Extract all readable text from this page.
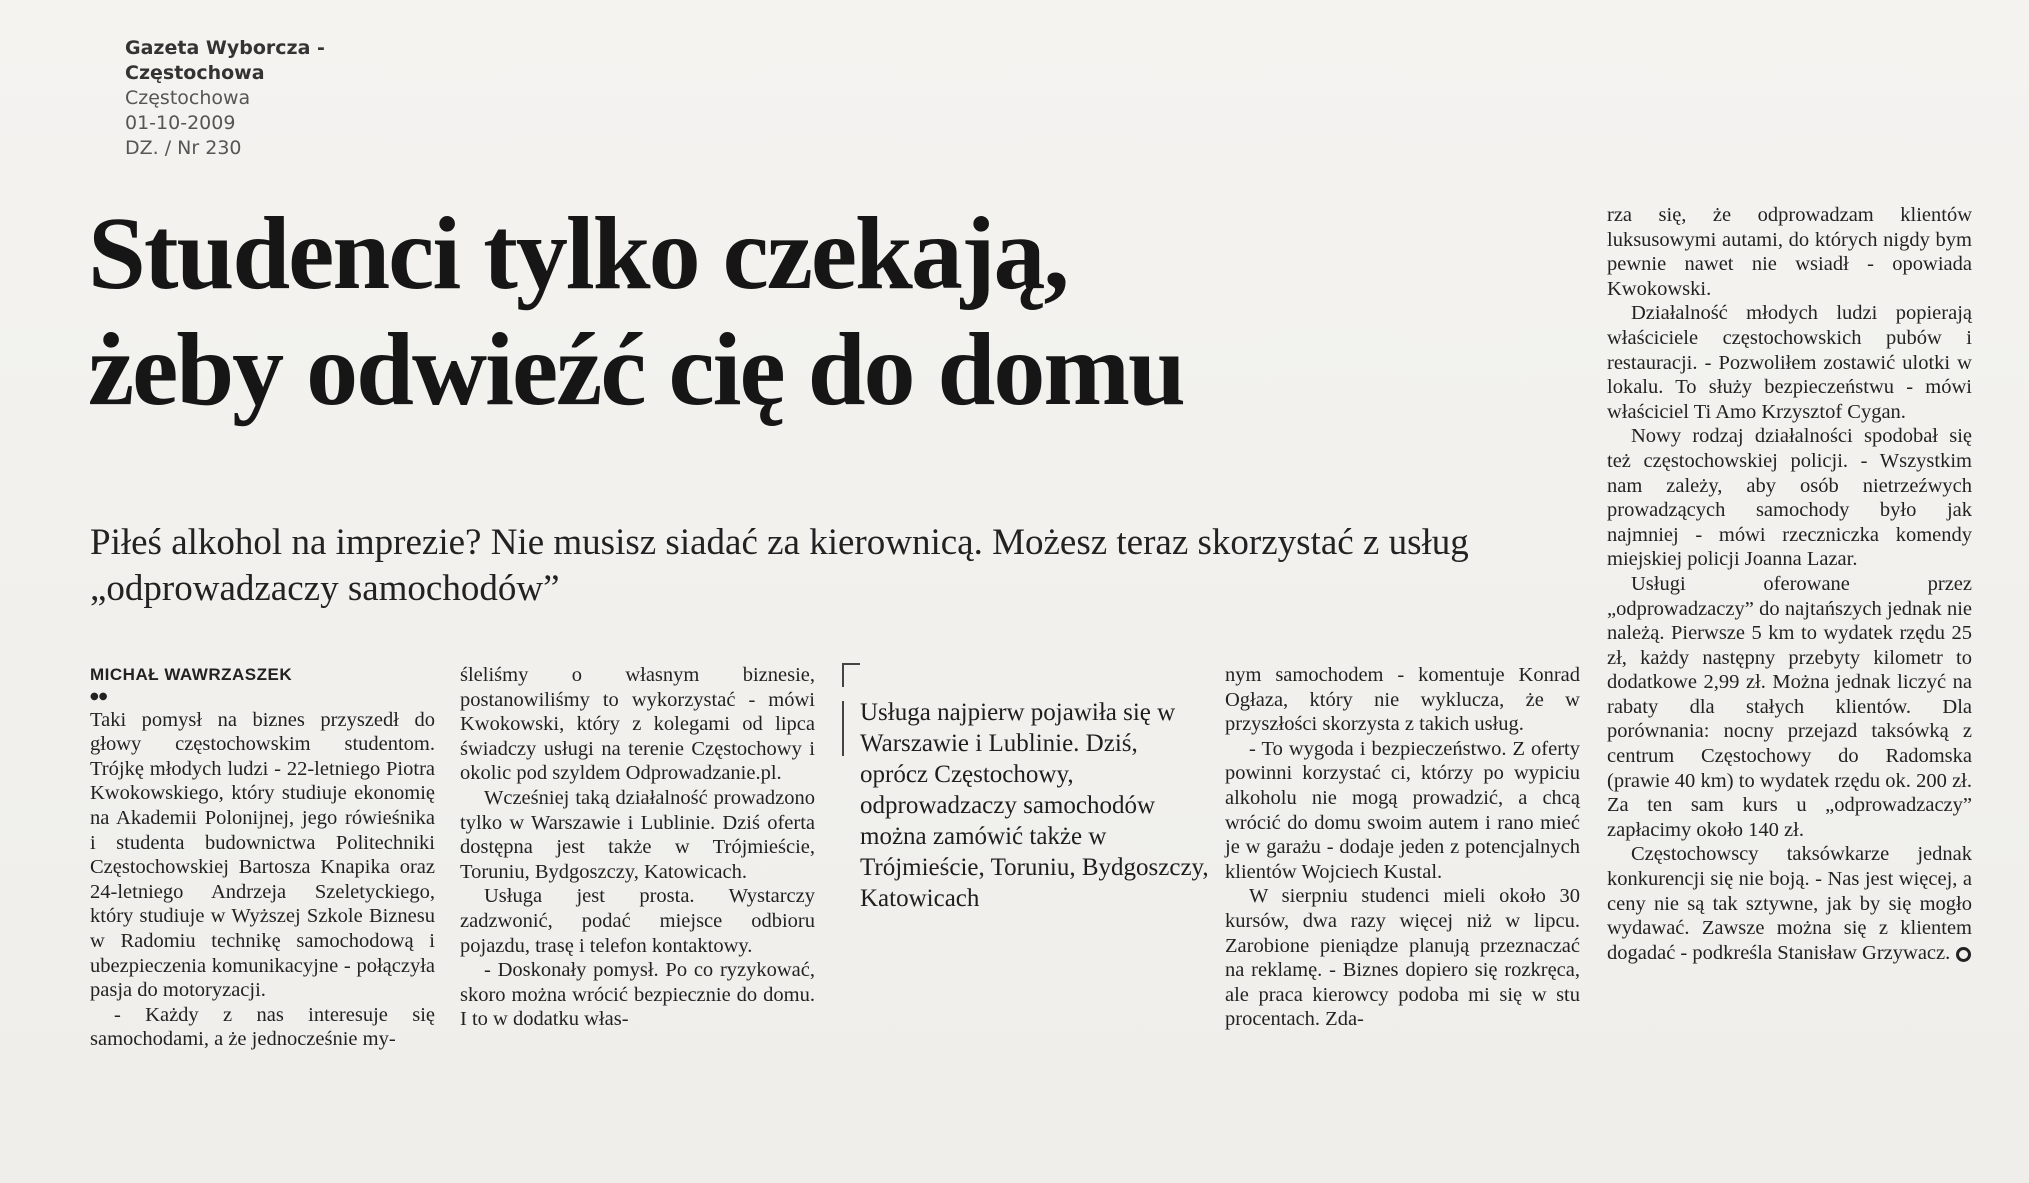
Gazeta Wyborcza -
Częstochowa
Częstochowa
01-10-2009
DZ. / Nr 230
Studenci tylko czekają,
żeby odwieźć cię do domu

Piłeś alkohol na imprezie? Nie musisz siadać za kierownicą. Możesz teraz skorzystać z usług „odprowadzaczy samochodów”

MICHAŁ WAWRZASZEK
●●

Taki pomysł na biznes przyszedł do głowy częstochowskim studentom. Trójkę młodych ludzi - 22-letniego Piotra Kwokowskiego, który studiuje ekonomię na Akademii Polonijnej, jego rówieśnika i studenta budownictwa Politechniki Częstochowskiej Bartosza Knapika oraz 24-letniego Andrzeja Szeletyckiego, który studiuje w Wyższej Szkole Biznesu w Radomiu technikę samochodową i ubezpieczenia komunikacyjne - połączyła pasja do motoryzacji.

- Każdy z nas interesuje się samochodami, a że jednocześnie my-

śleliśmy o własnym biznesie, postanowiliśmy to wykorzystać - mówi Kwokowski, który z kolegami od lipca świadczy usługi na terenie Częstochowy i okolic pod szyldem Odprowadzanie.pl.

Wcześniej taką działalność prowadzono tylko w Warszawie i Lublinie. Dziś oferta dostępna jest także w Trójmieście, Toruniu, Bydgoszczy, Katowicach.

Usługa jest prosta. Wystarczy zadzwonić, podać miejsce odbioru pojazdu, trasę i telefon kontaktowy.

- Doskonały pomysł. Po co ryzykować, skoro można wrócić bezpiecznie do domu. I to w dodatku włas-

Usługa najpierw pojawiła się w Warszawie i Lublinie. Dziś, oprócz Częstochowy, odprowadzaczy samochodów można zamówić także w Trójmieście, Toruniu, Bydgoszczy, Katowicach

nym samochodem - komentuje Konrad Ogłaza, który nie wyklucza, że w przyszłości skorzysta z takich usług.

- To wygoda i bezpieczeństwo. Z oferty powinni korzystać ci, którzy po wypiciu alkoholu nie mogą prowadzić, a chcą wrócić do domu swoim autem i rano mieć je w garażu - dodaje jeden z potencjalnych klientów Wojciech Kustal.

W sierpniu studenci mieli około 30 kursów, dwa razy więcej niż w lipcu. Zarobione pieniądze planują przeznaczać na reklamę. - Biznes dopiero się rozkręca, ale praca kierowcy podoba mi się w stu procentach. Zda-

rza się, że odprowadzam klientów luksusowymi autami, do których nigdy bym pewnie nawet nie wsiadł - opowiada Kwokowski.

Działalność młodych ludzi popierają właściciele częstochowskich pubów i restauracji. - Pozwoliłem zostawić ulotki w lokalu. To służy bezpieczeństwu - mówi właściciel Ti Amo Krzysztof Cygan.

Nowy rodzaj działalności spodobał się też częstochowskiej policji. - Wszystkim nam zależy, aby osób nietrzeźwych prowadzących samochody było jak najmniej - mówi rzeczniczka komendy miejskiej policji Joanna Lazar.

Usługi oferowane przez „odprowadzaczy” do najtańszych jednak nie należą. Pierwsze 5 km to wydatek rzędu 25 zł, każdy następny przebyty kilometr to dodatkowe 2,99 zł. Można jednak liczyć na rabaty dla stałych klientów. Dla porównania: nocny przejazd taksówką z centrum Częstochowy do Radomska (prawie 40 km) to wydatek rzędu ok. 200 zł. Za ten sam kurs u „odprowadzaczy” zapłacimy około 140 zł.

Częstochowscy taksówkarze jednak konkurencji się nie boją. - Nas jest więcej, a ceny nie są tak sztywne, jak by się mogło wydawać. Zawsze można się z klientem dogadać - podkreśla Stanisław Grzywacz.
